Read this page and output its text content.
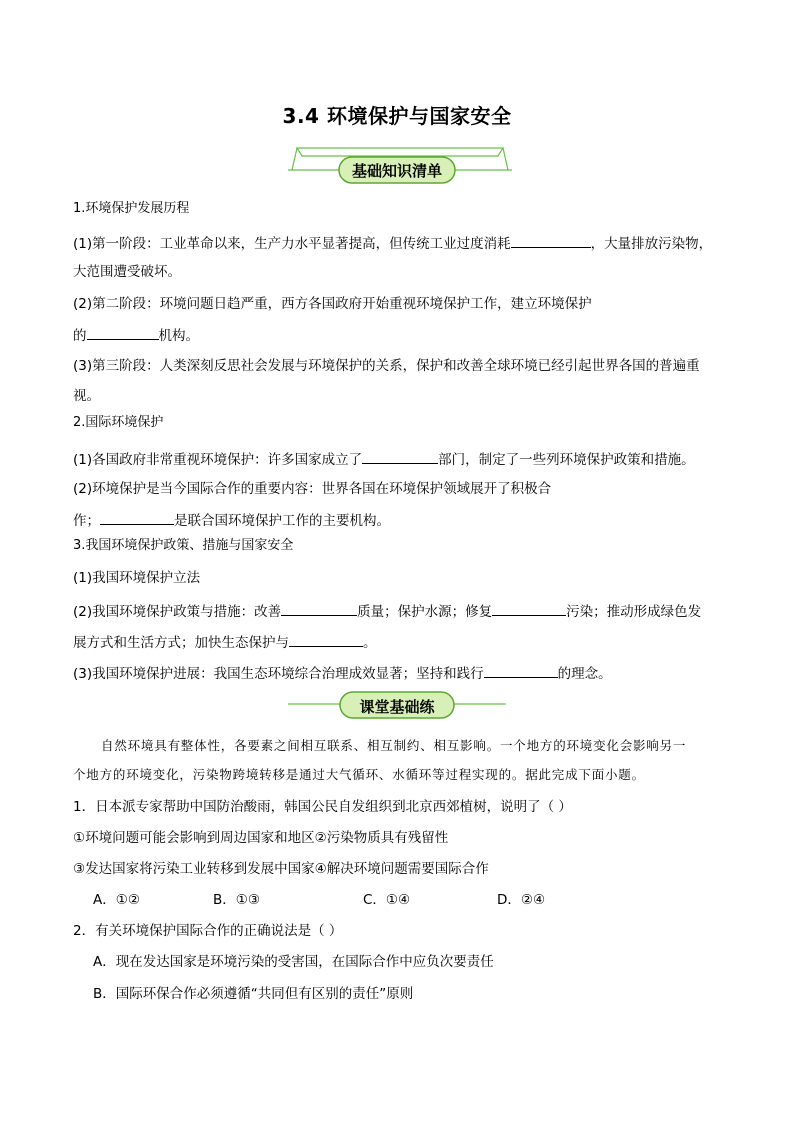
3.4 环境保护与国家安全
基础知识清单
1.环境保护发展历程
(1)第一阶段：工业革命以来，生产力水平显著提高，但传统工业过度消耗	，大量排放污染物，
大范围遭受破坏。
(2)第二阶段：环境问题日趋严重，西方各国政府开始重视环境保护工作，建立环境保护
的	机构。
(3)第三阶段：人类深刻反思社会发展与环境保护的关系，保护和改善全球环境已经引起世界各国的普遍重
视。
2.国际环境保护
(1)各国政府非常重视环境保护：许多国家成立了	部门，制定了一些列环境保护政策和措施。
(2)环境保护是当今国际合作的重要内容：世界各国在环境保护领域展开了积极合
作；	是联合国环境保护工作的主要机构。
3.我国环境保护政策、措施与国家安全
(1)我国环境保护立法
(2)我国环境保护政策与措施：改善	质量；保护水源；修复	污染；推动形成绿色发
展方式和生活方式；加快生态保护与	。
(3)我国环境保护进展：我国生态环境综合治理成效显著；坚持和践行	的理念。
课堂基础练
自然环境具有整体性，各要素之间相互联系、相互制约、相互影响。一个地方的环境变化会影响另一
个地方的环境变化，污染物跨境转移是通过大气循环、水循环等过程实现的。据此完成下面小题。
1．日本派专家帮助中国防治酸雨，韩国公民自发组织到北京西郊植树，说明了（ ）
①环境问题可能会影响到周边国家和地区②污染物质具有残留性
③发达国家将污染工业转移到发展中国家④解决环境问题需要国际合作
A．①②	B．①③	C．①④	D．②④
2．有关环境保护国际合作的正确说法是（ ）
A．现在发达国家是环境污染的受害国，在国际合作中应负次要责任
B．国际环保合作必须遵循“共同但有区别的责任”原则
